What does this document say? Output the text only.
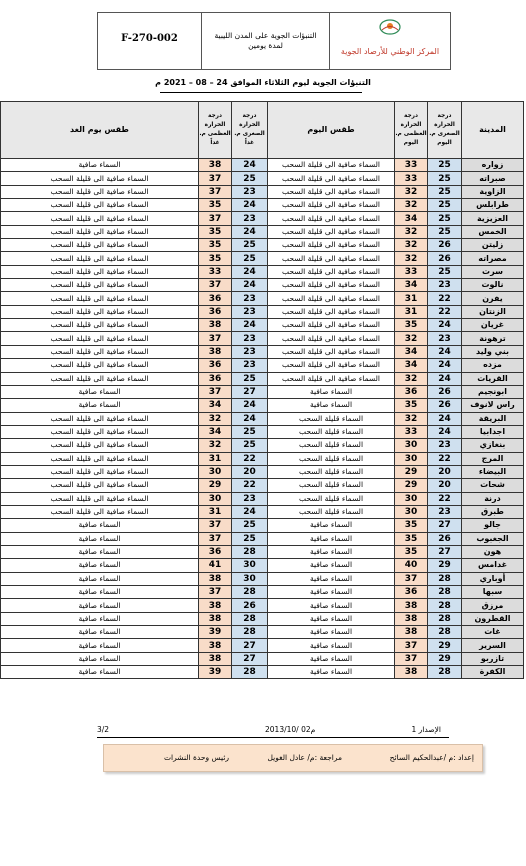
F-270-002	التنبؤات الجوية على المدن الليبية
لمدة يومين
المركز الوطني للأرصاد الجوية
التنبؤات الجوية ليوم الثلاثاء الموافق 24 – 08 – 2021 م
المدينة	درجة الحرارة الصغرى م. اليوم	درجة الحرارة العظمى م. اليوم	طقس اليوم	درجة الحرارة الصغرى م. غداً	درجة الحرارة العظمى م. غداً	طقس يوم الغد
زواره	25	33	السماء صافية الى قليلة السحب	24	38	السماء صافية
صبراته	25	33	السماء صافية الى قليلة السحب	25	37	السماء صافية الى قليلة السحب
الزاوية	25	32	السماء صافية الى قليلة السحب	23	37	السماء صافية الى قليلة السحب
طرابلس	25	32	السماء صافية الى قليلة السحب	24	35	السماء صافية الى قليلة السحب
العزيزية	25	34	السماء صافية الى قليلة السحب	23	37	السماء صافية الى قليلة السحب
الخمس	25	32	السماء صافية الى قليلة السحب	24	35	السماء صافية الى قليلة السحب
زليتن	26	32	السماء صافية الى قليلة السحب	25	35	السماء صافية الى قليلة السحب
مصراته	26	32	السماء صافية الى قليلة السحب	25	35	السماء صافية الى قليلة السحب
سرت	25	33	السماء صافية الى قليلة السحب	24	33	السماء صافية الى قليلة السحب
نالوت	23	34	السماء صافية الى قليلة السحب	24	37	السماء صافية الى قليلة السحب
يفرن	22	31	السماء صافية الى قليلة السحب	23	36	السماء صافية الى قليلة السحب
الزنتان	22	31	السماء صافية الى قليلة السحب	23	36	السماء صافية الى قليلة السحب
غريان	24	35	السماء صافية الى قليلة السحب	24	38	السماء صافية الى قليلة السحب
ترهونة	23	32	السماء صافية الى قليلة السحب	23	37	السماء صافية الى قليلة السحب
بني وليد	24	34	السماء صافية الى قليلة السحب	23	38	السماء صافية الى قليلة السحب
مزده	24	34	السماء صافية الى قليلة السحب	23	36	السماء صافية الى قليلة السحب
القريات	24	32	السماء صافية الى قليلة السحب	25	36	السماء صافية الى قليلة السحب
ابونجيم	26	36	السماء صافية	27	37	السماء صافية
راس لانوف	26	35	السماء صافية	24	34	السماء صافية
البريقة	24	32	السماء قليلة السحب	24	32	السماء صافية الى قليلة السحب
اجدابيا	24	33	السماء قليلة السحب	25	34	السماء صافية الى قليلة السحب
بنغازي	23	30	السماء قليلة السحب	25	32	السماء صافية الى قليلة السحب
المرج	22	30	السماء قليلة السحب	22	31	السماء صافية الى قليلة السحب
البيضاء	20	29	السماء قليلة السحب	20	30	السماء صافية الى قليلة السحب
شحات	20	29	السماء قليلة السحب	22	29	السماء صافية الى قليلة السحب
درنة	22	30	السماء قليلة السحب	23	30	السماء صافية الى قليلة السحب
طبرق	23	30	السماء قليلة السحب	24	31	السماء صافية الى قليلة السحب
جالو	27	35	السماء صافية	25	37	السماء صافية
الجغبوب	26	35	السماء صافية	25	37	السماء صافية
هون	27	35	السماء صافية	28	36	السماء صافية
غدامس	29	40	السماء صافية	30	41	السماء صافية
أوباري	28	37	السماء صافية	30	38	السماء صافية
سبها	28	36	السماء صافية	28	37	السماء صافية
مرزق	28	38	السماء صافية	26	38	السماء صافية
القطرون	28	38	السماء صافية	28	38	السماء صافية
غات	28	38	السماء صافية	28	39	السماء صافية
السرير	29	37	السماء صافية	27	38	السماء صافية
تازربو	29	37	السماء صافية	27	38	السماء صافية
الكفرة	28	38	السماء صافية	28	39	السماء صافية
الإصدار 1
2013/10/ 02م
3/2
إعداد :م /عبدالحكيم السائح
مراجعة :م/ عادل الغويل
رئيس وحدة النشرات
